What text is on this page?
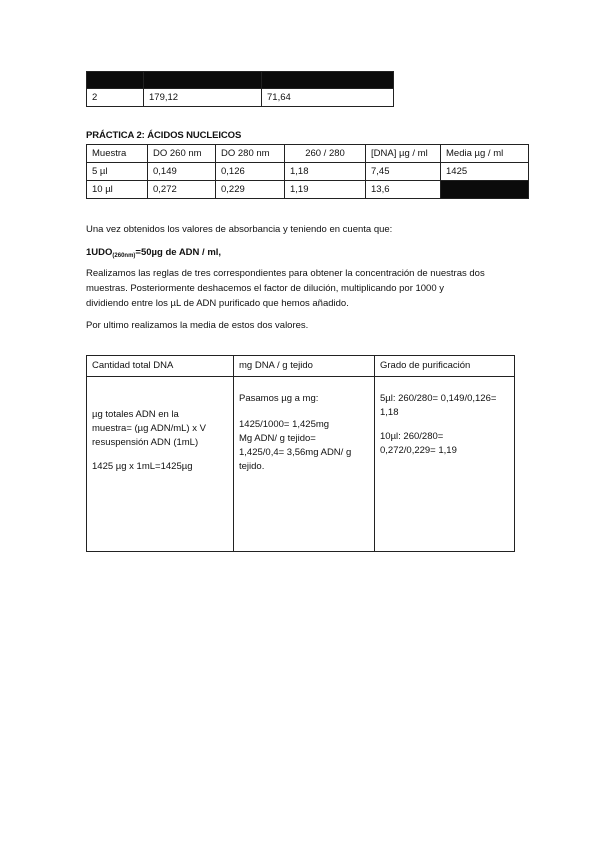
2	179,12	71,64
PRÁCTICA 2: ÁCIDOS NUCLEICOS
Muestra	DO 260 nm	DO 280 nm	260 / 280	[DNA] µg / ml	Media µg / ml
5 µl	0,149	0,126	1,18	7,45	1425
10 µl	0,272	0,229	1,19	13,6	
Una vez obtenidos los valores de absorbancia y teniendo en cuenta que:
$1UDO_{(260nm)}=50\mu g$ de ADN / ml,
Realizamos las reglas de tres correspondientes para obtener la concentración de nuestras dos
muestras. Posteriormente deshacemos el factor de dilución, multiplicando por 1000 y
dividiendo entre los µL de ADN purificado que hemos añadido.
Por ultimo realizamos la media de estos dos valores.
Cantidad total DNA	mg DNA / g tejido	Grado de purificación

µg totales ADN en la
muestra= (µg ADN/mL) x V
resuspensión ADN (1mL)
1425 µg x 1mL=1425µg	Pasamos µg a mg:
1425/1000= 1,425mg
Mg ADN/ g tejido=
1,425/0,4= 3,56mg ADN/ g
tejido.	5µl: 260/280= 0,149/0,126=
1,18
10µl: 260/280=
0,272/0,229= 1,19
